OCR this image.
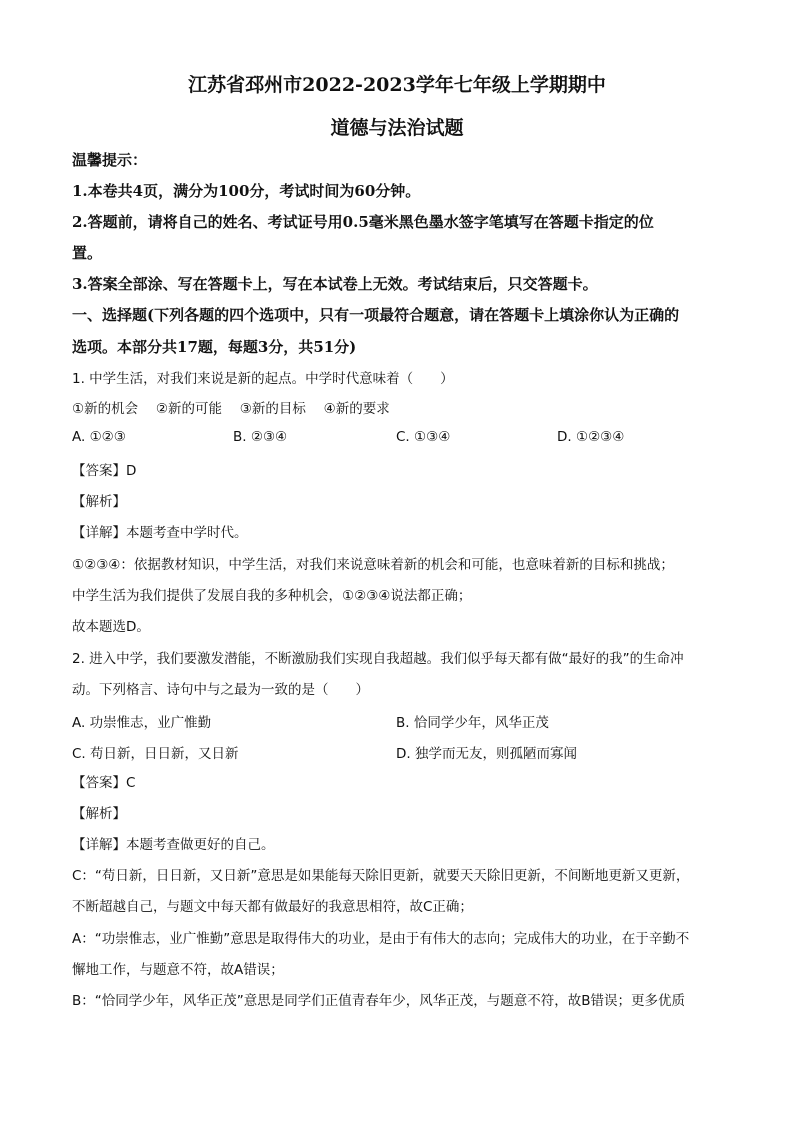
江苏省邳州市2022-2023学年七年级上学期期中
道德与法治试题
温馨提示：
1.本卷共4页，满分为100分，考试时间为60分钟。
2.答题前，请将自己的姓名、考试证号用0.5毫米黑色墨水签字笔填写在答题卡指定的位
置。
3.答案全部涂、写在答题卡上，写在本试卷上无效。考试结束后，只交答题卡。
一、选择题(下列各题的四个选项中，只有一项最符合题意，请在答题卡上填涂你认为正确的
选项。本部分共17题，每题3分，共51分)
1. 中学生活，对我们来说是新的起点。中学时代意味着（　　）
①新的机会　 ②新的可能　 ③新的目标　 ④新的要求
A. ①②③	B. ②③④	C. ①③④	D. ①②③④
【答案】D
【解析】
【详解】本题考查中学时代。
①②③④：依据教材知识，中学生活，对我们来说意味着新的机会和可能，也意味着新的目标和挑战；
中学生活为我们提供了发展自我的多种机会，①②③④说法都正确；
故本题选D。
2. 进入中学，我们要激发潜能，不断激励我们实现自我超越。我们似乎每天都有做“最好的我”的生命冲
动。下列格言、诗句中与之最为一致的是（　　）
A. 功崇惟志，业广惟勤	B. 恰同学少年，风华正茂
C. 苟日新，日日新，又日新	D. 独学而无友，则孤陋而寡闻
【答案】C
【解析】
【详解】本题考查做更好的自己。
C：“苟日新，日日新，又日新”意思是如果能每天除旧更新，就要天天除旧更新，不间断地更新又更新，
不断超越自己，与题文中每天都有做最好的我意思相符，故C正确；
A：“功崇惟志，业广惟勤”意思是取得伟大的功业，是由于有伟大的志向；完成伟大的功业，在于辛勤不
懈地工作，与题意不符，故A错误；
B：“恰同学少年，风华正茂”意思是同学们正值青春年少，风华正茂，与题意不符，故B错误；更多优质
